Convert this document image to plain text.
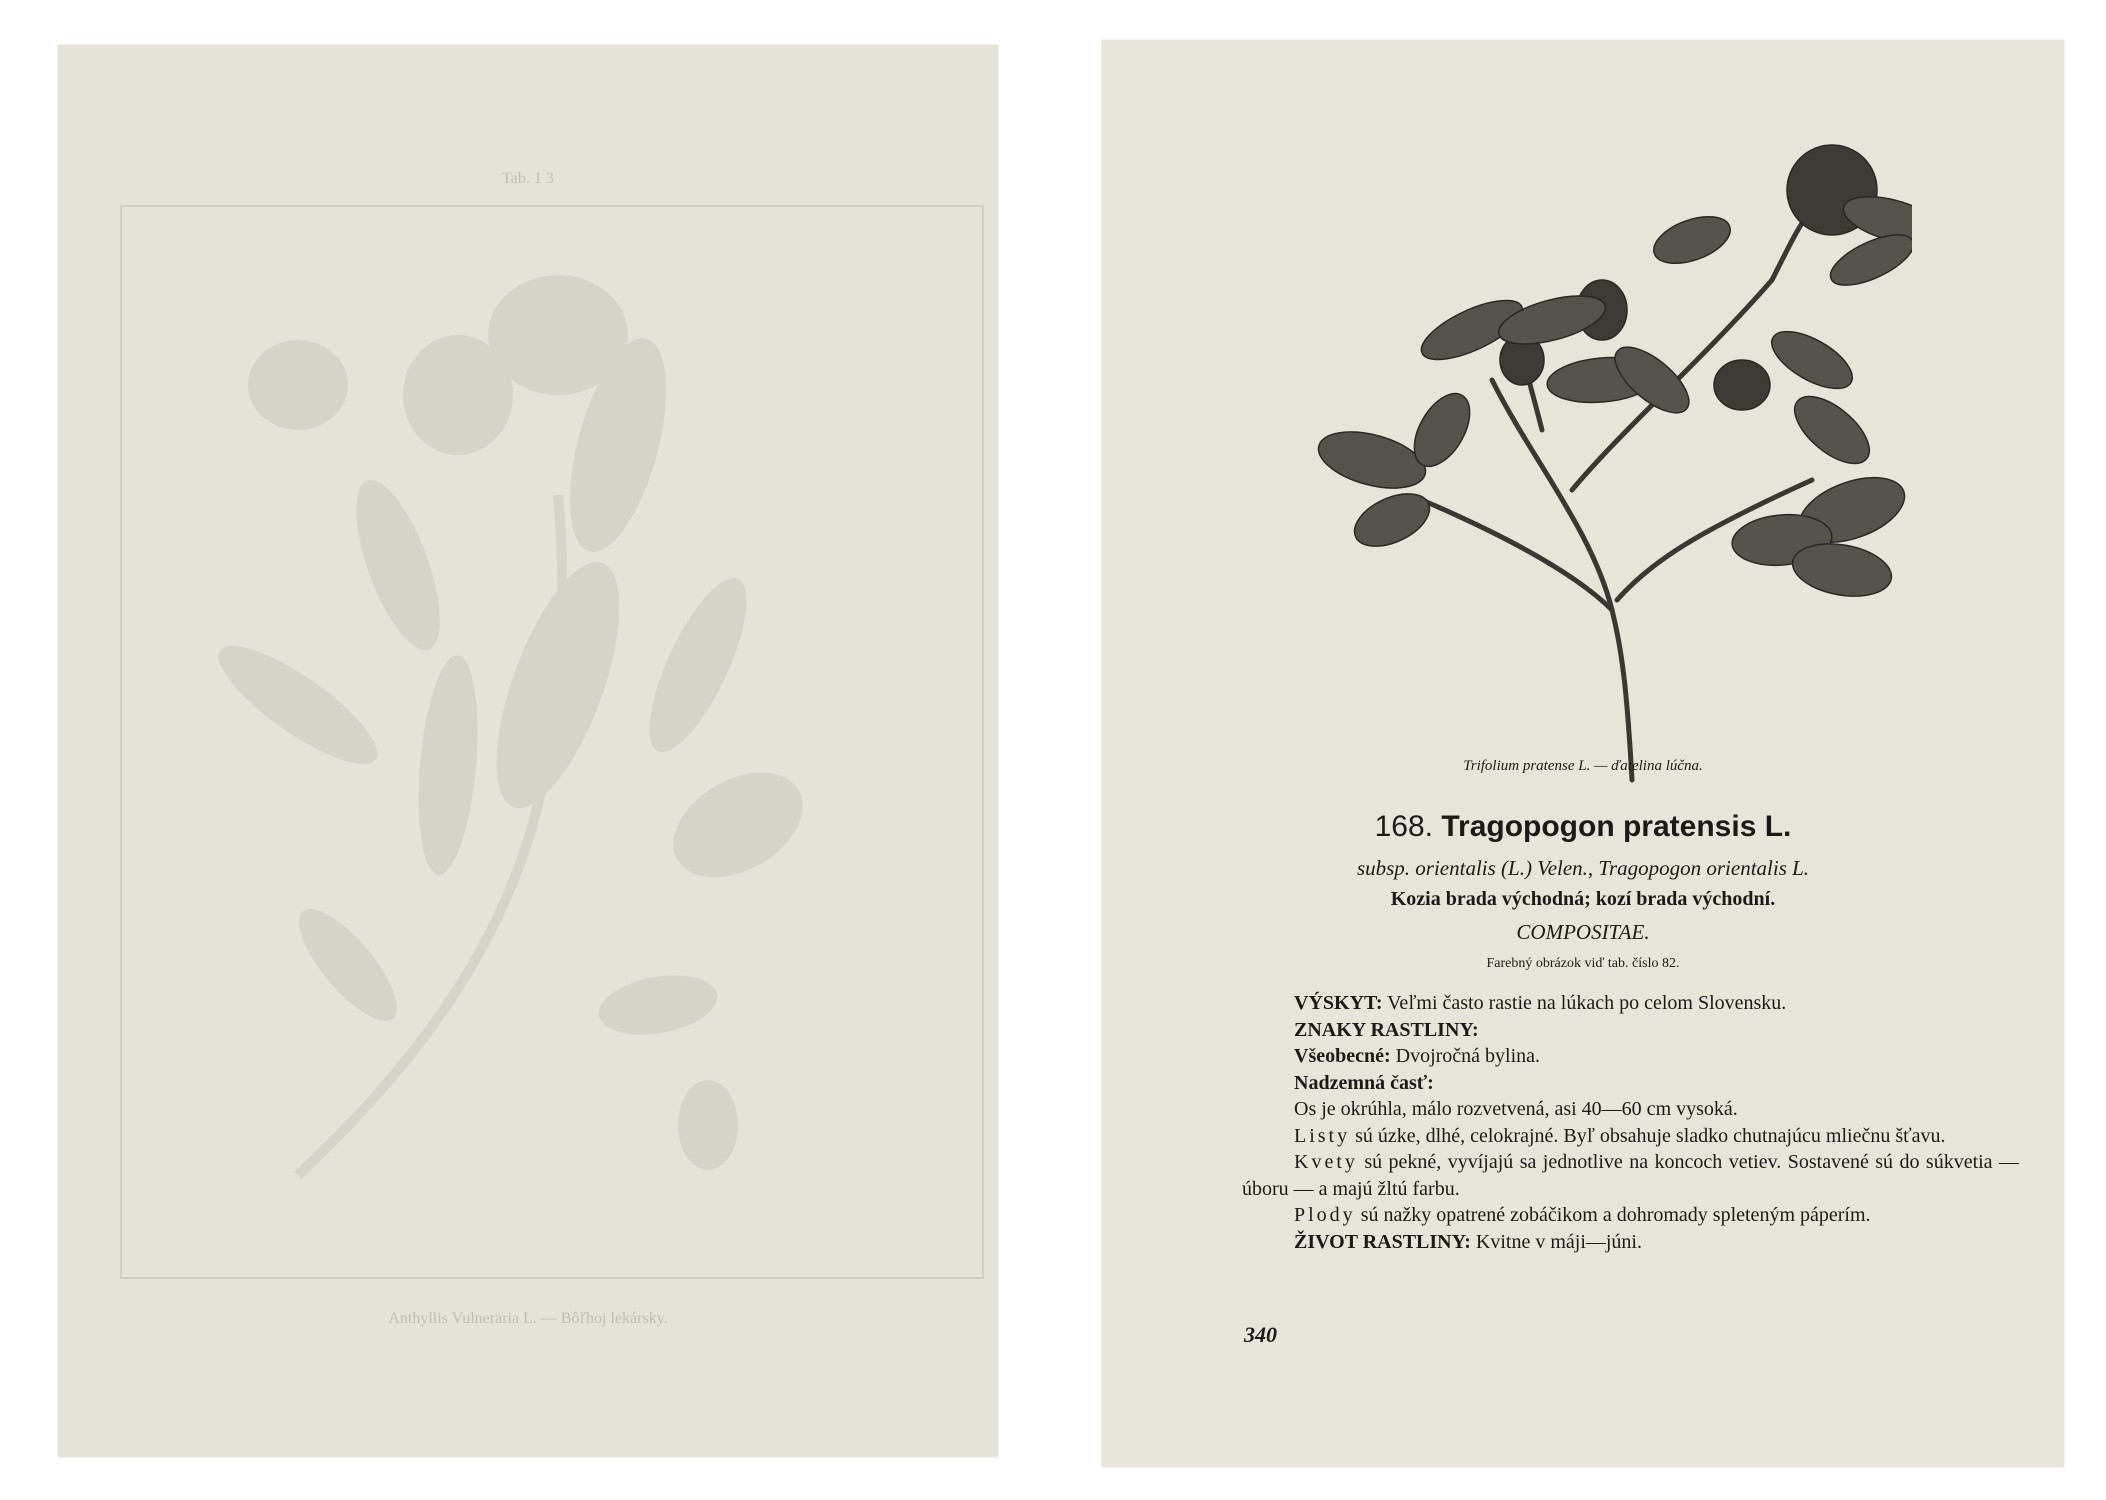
Tab. 1 3
Anthyllis Vulneraria L. — Bôľhoj lekársky.
Trifolium pratense L. — ďatelina lúčna.
168. Tragopogon pratensis L.
subsp. orientalis (L.) Velen., Tragopogon orientalis L.
Kozia brada východná; kozí brada východní.
COMPOSITAE.
Farebný obrázok viď tab. číslo 82.

VÝSKYT: Veľmi často rastie na lúkach po celom Slovensku.

ZNAKY RASTLINY:

Všeobecné: Dvojročná bylina.

Nadzemná časť:

Os je okrúhla, málo rozvetvená, asi 40—60 cm vysoká.

Listy sú úzke, dlhé, celokrajné. Byľ obsahuje sladko chutnajúcu mliečnu šťavu.

Kvety sú pekné, vyvíjajú sa jednotlive na koncoch vetiev. Sostavené sú do súkvetia — úboru — a majú žltú farbu.

Plody sú nažky opatrené zobáčikom a dohromady spleteným páperím.

ŽIVOT RASTLINY: Kvitne v máji—júni.

340
